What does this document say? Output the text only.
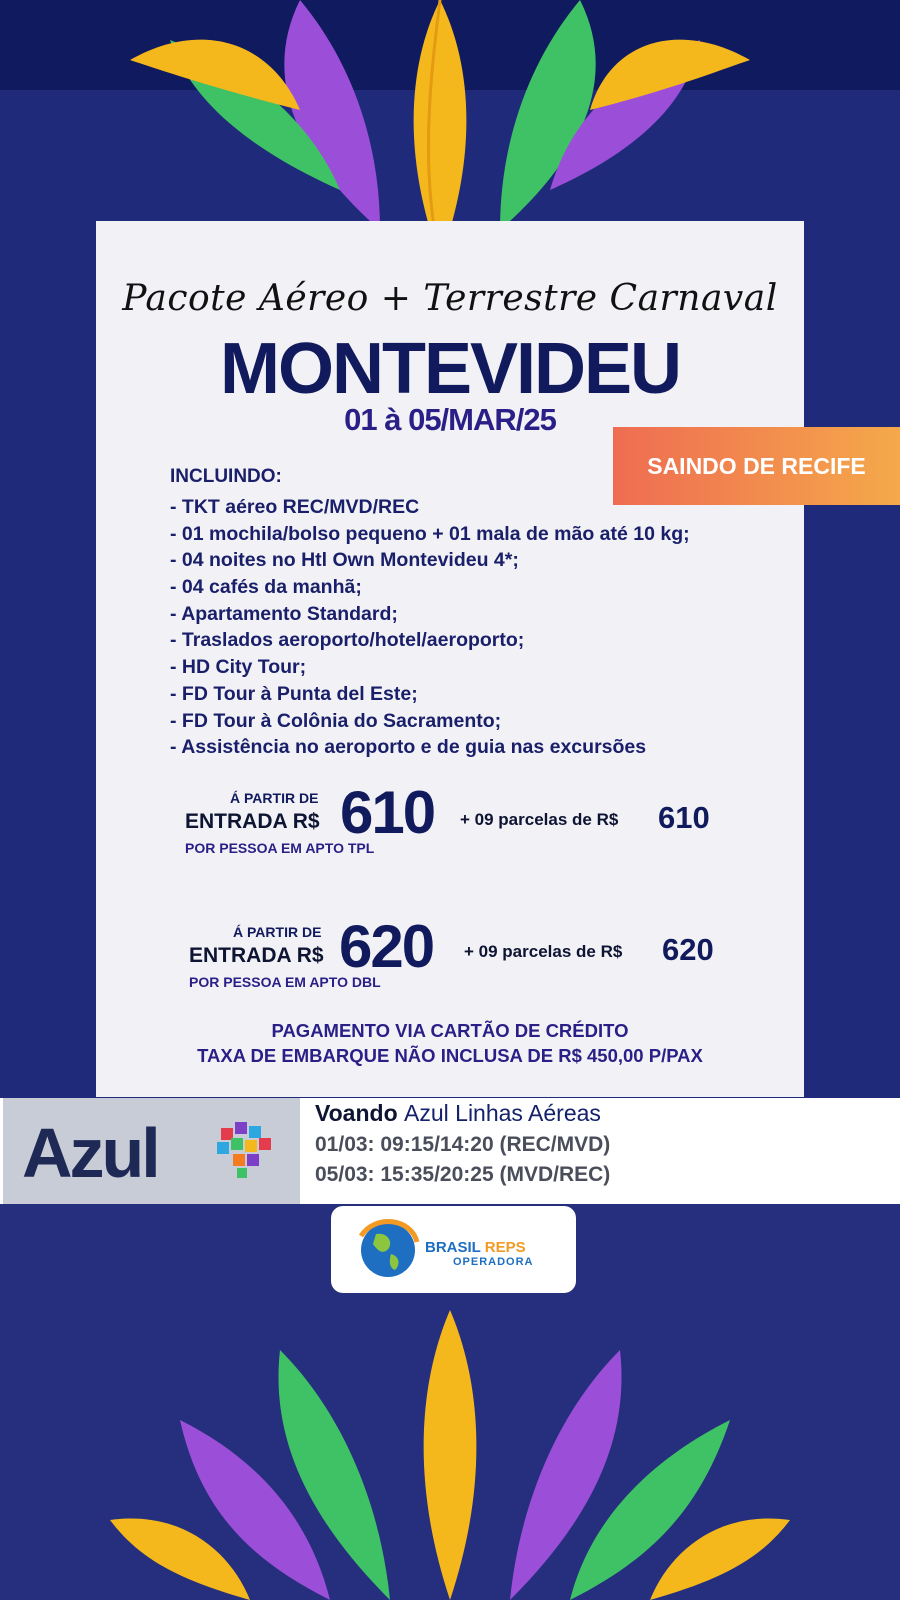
Pacote Aéreo + Terrestre Carnaval
MONTEVIDEU
01 à 05/MAR/25
SAINDO DE RECIFE
INCLUINDO:
- TKT aéreo REC/MVD/REC
- 01 mochila/bolso pequeno + 01 mala de mão até 10 kg;
- 04 noites no Htl Own Montevideu 4*;
- 04 cafés da manhã;
- Apartamento Standard;
- Traslados aeroporto/hotel/aeroporto;
- HD City Tour;
- FD Tour à Punta del Este;
- FD Tour à Colônia do Sacramento;
- Assistência no aeroporto e de guia nas excursões
Á PARTIR DE
ENTRADA R$ 610 + 09 parcelas de R$ 610
POR PESSOA EM APTO TPL
Á PARTIR DE
ENTRADA R$ 620 + 09 parcelas de R$ 620
POR PESSOA EM APTO DBL
PAGAMENTO VIA CARTÃO DE CRÉDITO
TAXA DE EMBARQUE NÃO INCLUSA DE R$ 450,00 P/PAX
Azul
Voando Azul Linhas Aéreas
01/03: 09:15/14:20 (REC/MVD)
05/03: 15:35/20:25 (MVD/REC)
BRASIL REPS
OPERADORA
